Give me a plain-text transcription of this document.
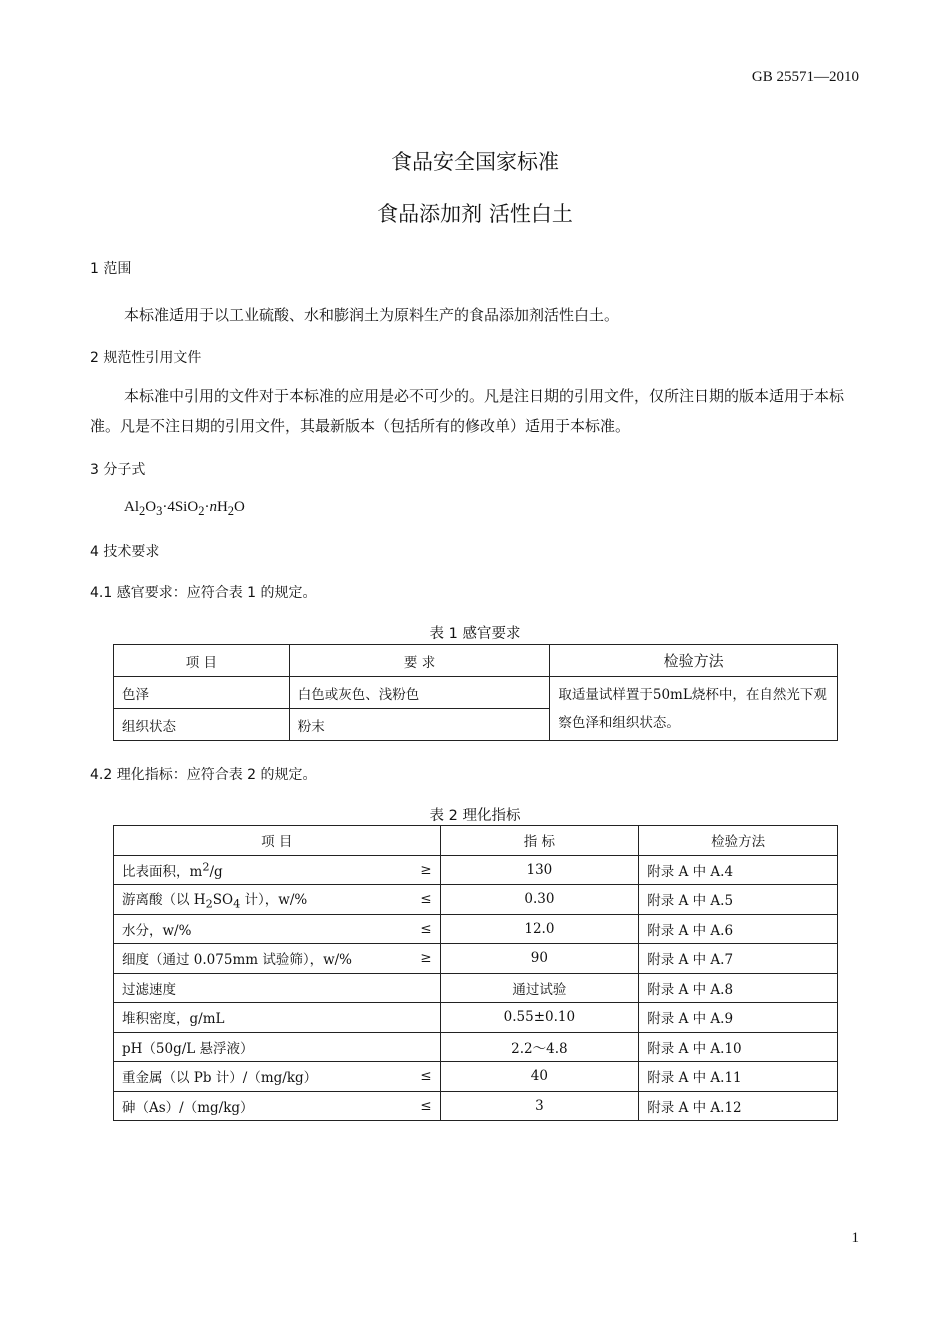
GB 25571—2010
食品安全国家标准
食品添加剂 活性白土
1 范围
本标准适用于以工业硫酸、水和膨润土为原料生产的食品添加剂活性白土。
2 规范性引用文件
本标准中引用的文件对于本标准的应用是必不可少的。凡是注日期的引用文件，仅所注日期的版本适用于本标准。凡是不注日期的引用文件，其最新版本（包括所有的修改单）适用于本标准。
3 分子式
$Al_2O_3\cdot 4SiO_2\cdot nH_2O$
4 技术要求
4.1 感官要求：应符合表 1 的规定。
表 1 感官要求
项 目	要 求	检验方法
色泽	白色或灰色、浅粉色	取适量试样置于50mL烧杯中，在自然光下观察色泽和组织状态。
组织状态	粉末	
4.2 理化指标：应符合表 2 的规定。
表 2 理化指标
项 目	指 标	检验方法
比表面积，$m^2/g$ ≥	130	附录 A 中 A.4
游离酸（以 $H_2SO_4$ 计），w/% ≤	0.30	附录 A 中 A.5
水分，w/% ≤	12.0	附录 A 中 A.6
细度（通过 0.075mm 试验筛），w/% ≥	90	附录 A 中 A.7
过滤速度	通过试验	附录 A 中 A.8
堆积密度，g/mL	0.55±0.10	附录 A 中 A.9
pH（50g/L 悬浮液）	2.2～4.8	附录 A 中 A.10
重金属（以 Pb 计）/（mg/kg） ≤	40	附录 A 中 A.11
砷（As）/（mg/kg） ≤	3	附录 A 中 A.12
1
